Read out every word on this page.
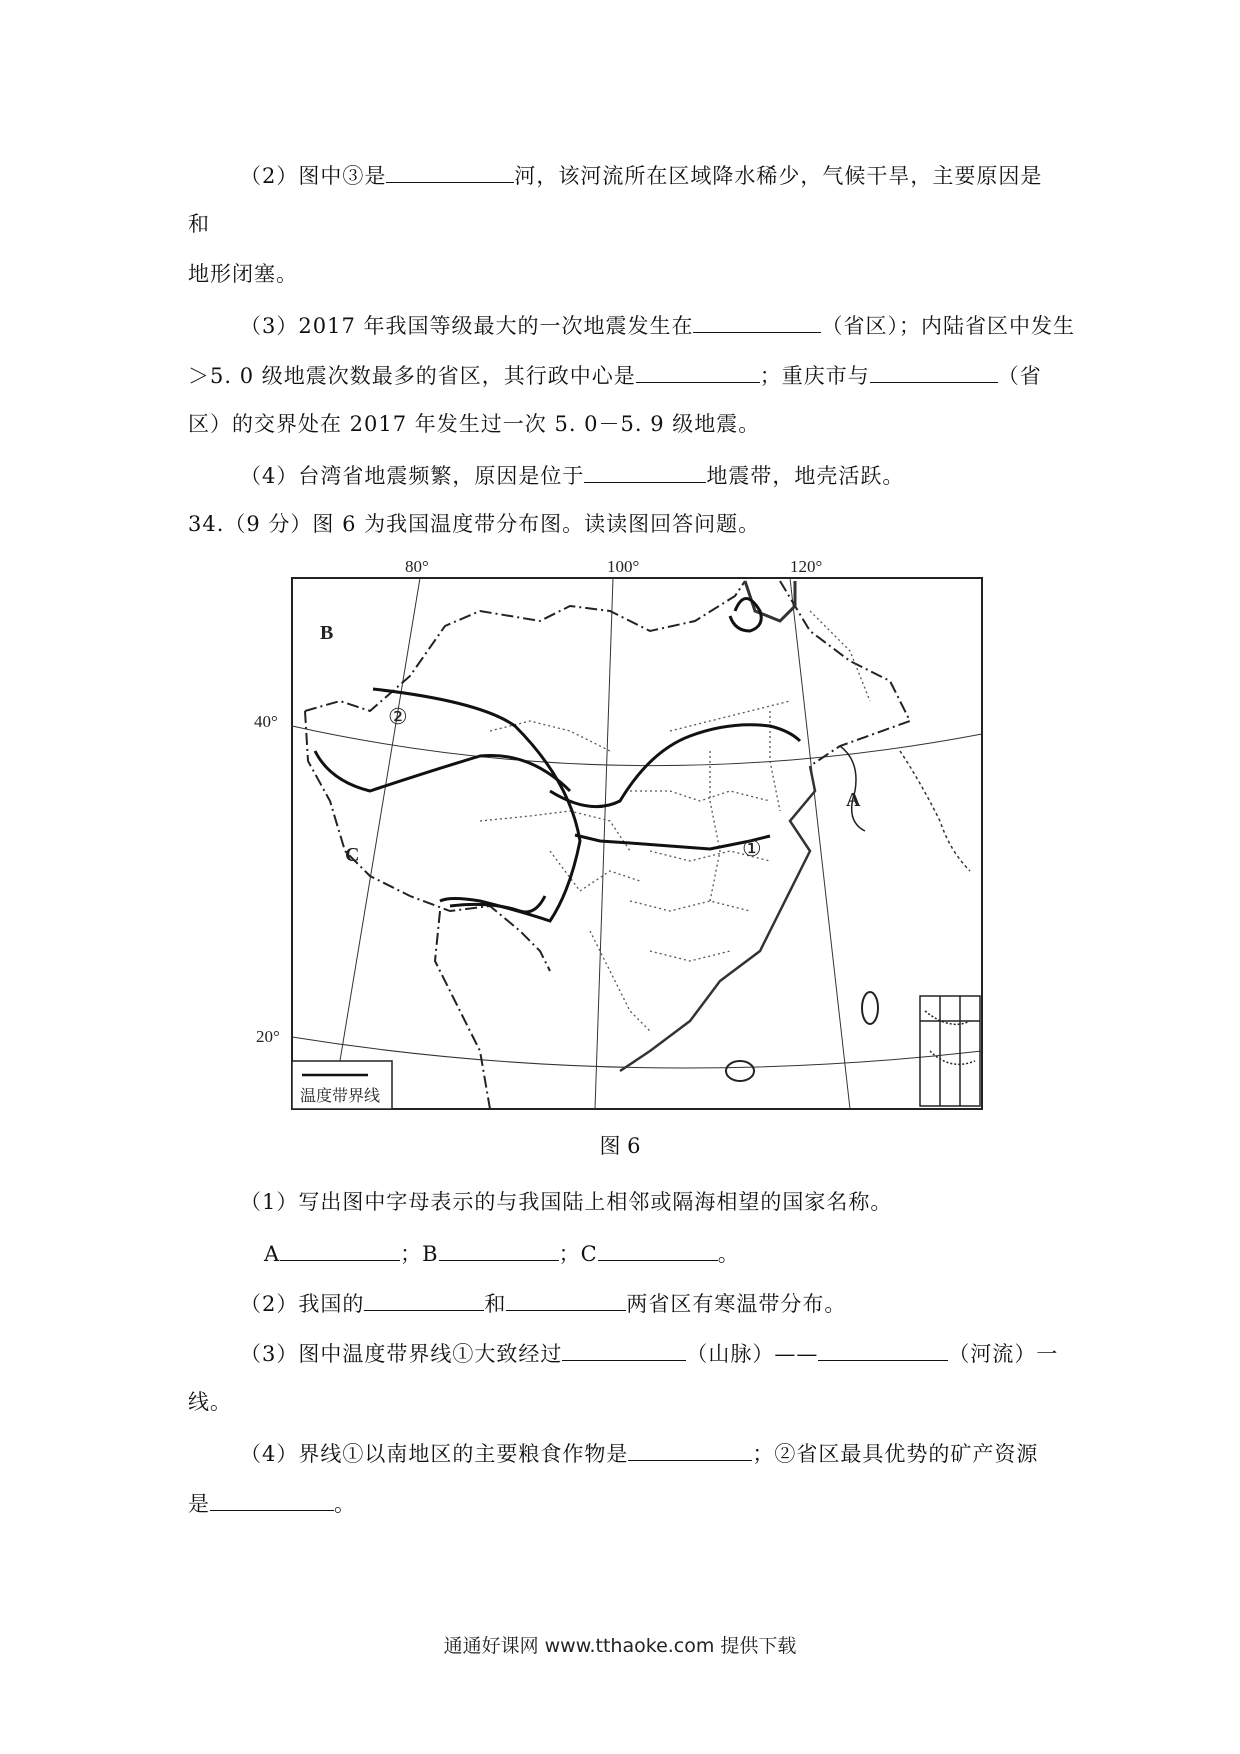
（2）图中③是	河，该河流所在区域降水稀少，气候干旱，主要原因是
和
地形闭塞。
（3）2017 年我国等级最大的一次地震发生在	（省区）；内陆省区中发生
＞5. 0 级地震次数最多的省区，其行政中心是	；重庆市与	（省
区）的交界处在 2017 年发生过一次 5. 0－5. 9 级地震。
（4）台湾省地震频繁，原因是位于	地震带，地壳活跃。
34.（9 分）图 6 为我国温度带分布图。读读图回答问题。
80°	100°	120°
40°
20°
A
B
C	①
②
温度带界线
图 6
（1）写出图中字母表示的与我国陆上相邻或隔海相望的国家名称。
A	；B	；C	。
（2）我国的	和	两省区有寒温带分布。
（3）图中温度带界线①大致经过	（山脉）——	（河流）一
线。
（4）界线①以南地区的主要粮食作物是	；②省区最具优势的矿产资源
是	。
通通好课网 www.tthaoke.com 提供下载
